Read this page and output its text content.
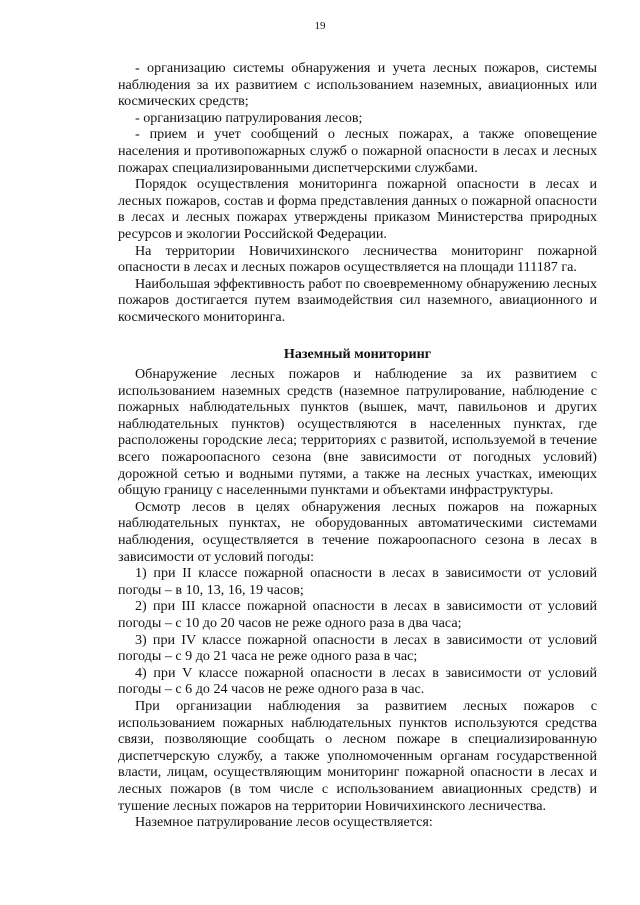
19

- организацию системы обнаружения и учета лесных пожаров, системы наблюдения за их развитием с использованием наземных, авиационных или космических средств;

- организацию патрулирования лесов;

- прием и учет сообщений о лесных пожарах, а также оповещение населения и противопожарных служб о пожарной опасности в лесах и лесных пожарах специализированными диспетчерскими службами.

Порядок осуществления мониторинга пожарной опасности в лесах и лесных пожаров, состав и форма представления данных о пожарной опасности в лесах и лесных пожарах утверждены приказом Министерства природных ресурсов и экологии Российской Федерации.

На территории Новичихинского лесничества мониторинг пожарной опасности в лесах и лесных пожаров осуществляется на площади 111187 га.

Наибольшая эффективность работ по своевременному обнаружению лесных пожаров достигается путем взаимодействия сил наземного, авиационного и космического мониторинга.

Наземный мониторинг

Обнаружение лесных пожаров и наблюдение за их развитием с использованием наземных средств (наземное патрулирование, наблюдение с пожарных наблюдательных пунктов (вышек, мачт, павильонов и других наблюдательных пунктов) осуществляются в населенных пунктах, где расположены городские леса; территориях с развитой, используемой в течение всего пожароопасного сезона (вне зависимости от погодных условий) дорожной сетью и водными путями, а также на лесных участках, имеющих общую границу с населенными пунктами и объектами инфраструктуры.

Осмотр лесов в целях обнаружения лесных пожаров на пожарных наблюдательных пунктах, не оборудованных автоматическими системами наблюдения, осуществляется в течение пожароопасного сезона в лесах в зависимости от условий погоды:

1) при II классе пожарной опасности в лесах в зависимости от условий погоды – в 10, 13, 16, 19 часов;

2) при III классе пожарной опасности в лесах в зависимости от условий погоды – с 10 до 20 часов не реже одного раза в два часа;

3) при IV классе пожарной опасности в лесах в зависимости от условий погоды – с 9 до 21 часа не реже одного раза в час;

4) при V классе пожарной опасности в лесах в зависимости от условий погоды – с 6 до 24 часов не реже одного раза в час.

При организации наблюдения за развитием лесных пожаров с использованием пожарных наблюдательных пунктов используются средства связи, позволяющие сообщать о лесном пожаре в специализированную диспетчерскую службу, а также уполномоченным органам государственной власти, лицам, осуществляющим мониторинг пожарной опасности в лесах и лесных пожаров (в том числе с использованием авиационных средств) и тушение лесных пожаров на территории Новичихинского лесничества.

Наземное патрулирование лесов осуществляется:
